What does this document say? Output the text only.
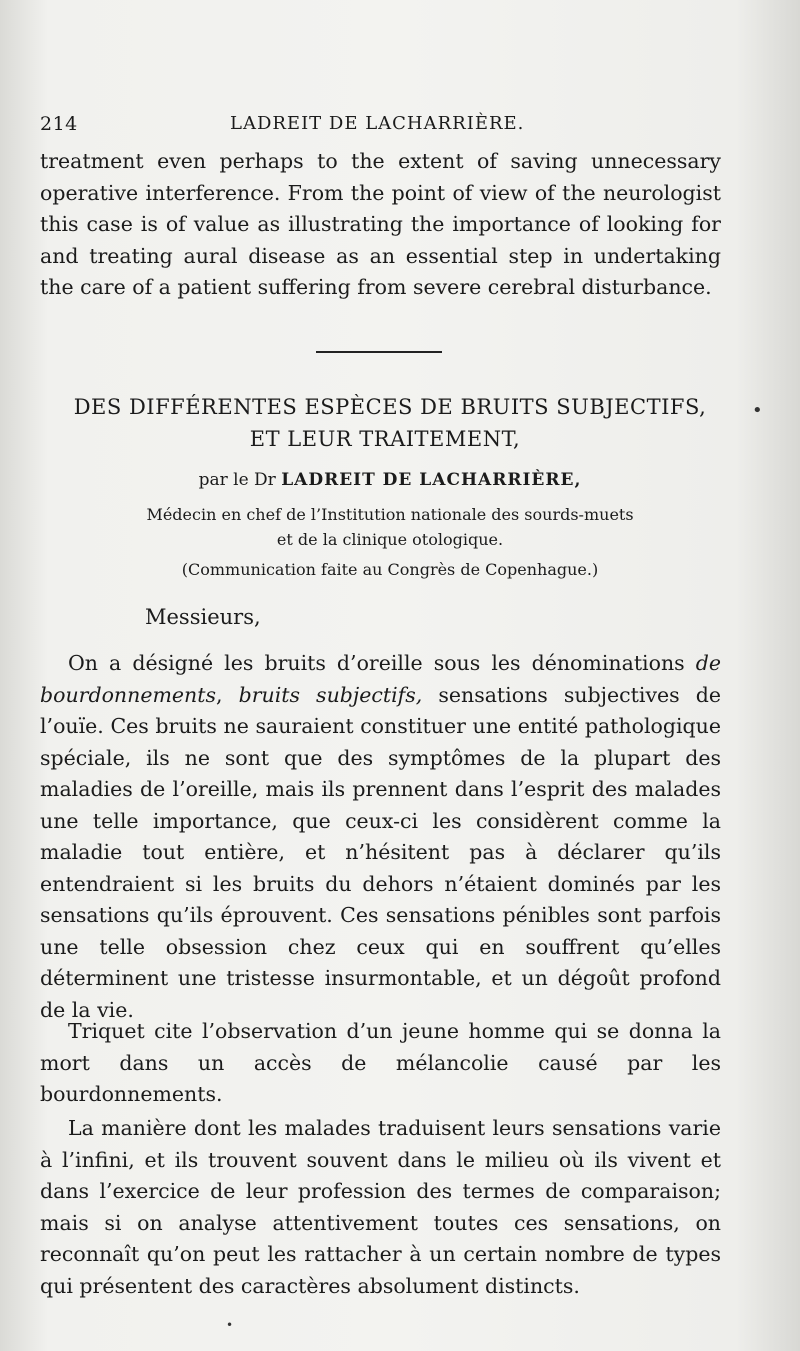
214	LADREIT DE LACHARRIÈRE.

treatment even perhaps to the extent of saving unnecessary operative interference. From the point of view of the neurologist this case is of value as illustrating the importance of looking for and treating aural disease as an essential step in undertaking the care of a patient suffering from severe cerebral disturbance.

DES DIFFÉRENTES ESPÈCES DE BRUITS SUBJECTIFS,
ET LEUR TRAITEMENT,
par le Dr LADREIT DE LACHARRIÈRE,
Médecin en chef de l’Institution nationale des sourds-muets
et de la clinique otologique.
(Communication faite au Congrès de Copenhague.)
Messieurs,

On a désigné les bruits d’oreille sous les dénominations de bourdonnements, bruits subjectifs, sensations subjectives de l’ouïe. Ces bruits ne sauraient constituer une entité pathologique spéciale, ils ne sont que des symptômes de la plupart des maladies de l’oreille, mais ils prennent dans l’esprit des malades une telle importance, que ceux-ci les considèrent comme la maladie tout entière, et n’hésitent pas à déclarer qu’ils entendraient si les bruits du dehors n’étaient dominés par les sensations qu’ils éprouvent. Ces sensations pénibles sont parfois une telle obsession chez ceux qui en souffrent qu’elles déterminent une tristesse insurmontable, et un dégoût profond de la vie.

Triquet cite l’observation d’un jeune homme qui se donna la mort dans un accès de mélancolie causé par les bourdonnements.

La manière dont les malades traduisent leurs sensations varie à l’infini, et ils trouvent souvent dans le milieu où ils vivent et dans l’exercice de leur profession des termes de comparaison; mais si on analyse attentivement toutes ces sensations, on reconnaît qu’on peut les rattacher à un certain nombre de types qui présentent des caractères absolument distincts.

•
•
